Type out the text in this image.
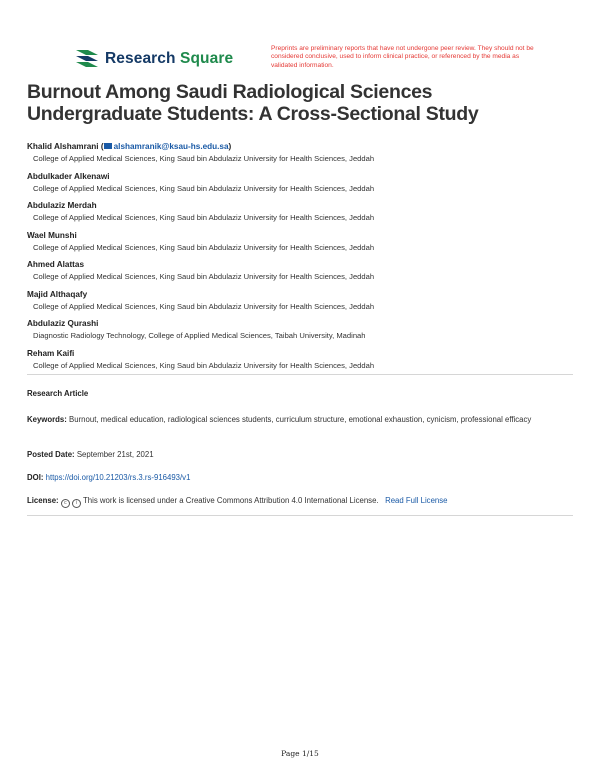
Research Square
Preprints are preliminary reports that have not undergone peer review. They should not be considered conclusive, used to inform clinical practice, or referenced by the media as validated information.
Burnout Among Saudi Radiological Sciences Undergraduate Students: A Cross-Sectional Study
Khalid Alshamrani ( alshamranik@ksau-hs.edu.sa)
College of Applied Medical Sciences, King Saud bin Abdulaziz University for Health Sciences, Jeddah
Abdulkader Alkenawi
College of Applied Medical Sciences, King Saud bin Abdulaziz University for Health Sciences, Jeddah
Abdulaziz Merdah
College of Applied Medical Sciences, King Saud bin Abdulaziz University for Health Sciences, Jeddah
Wael Munshi
College of Applied Medical Sciences, King Saud bin Abdulaziz University for Health Sciences, Jeddah
Ahmed Alattas
College of Applied Medical Sciences, King Saud bin Abdulaziz University for Health Sciences, Jeddah
Majid Althaqafy
College of Applied Medical Sciences, King Saud bin Abdulaziz University for Health Sciences, Jeddah
Abdulaziz Qurashi
Diagnostic Radiology Technology, College of Applied Medical Sciences, Taibah University, Madinah
Reham Kaifi
College of Applied Medical Sciences, King Saud bin Abdulaziz University for Health Sciences, Jeddah
Research Article
Keywords: Burnout, medical education, radiological sciences students, curriculum structure, emotional exhaustion, cynicism, professional efficacy
Posted Date: September 21st, 2021
DOI: https://doi.org/10.21203/rs.3.rs-916493/v1
License: c i This work is licensed under a Creative Commons Attribution 4.0 International License. Read Full License
Page 1/15
